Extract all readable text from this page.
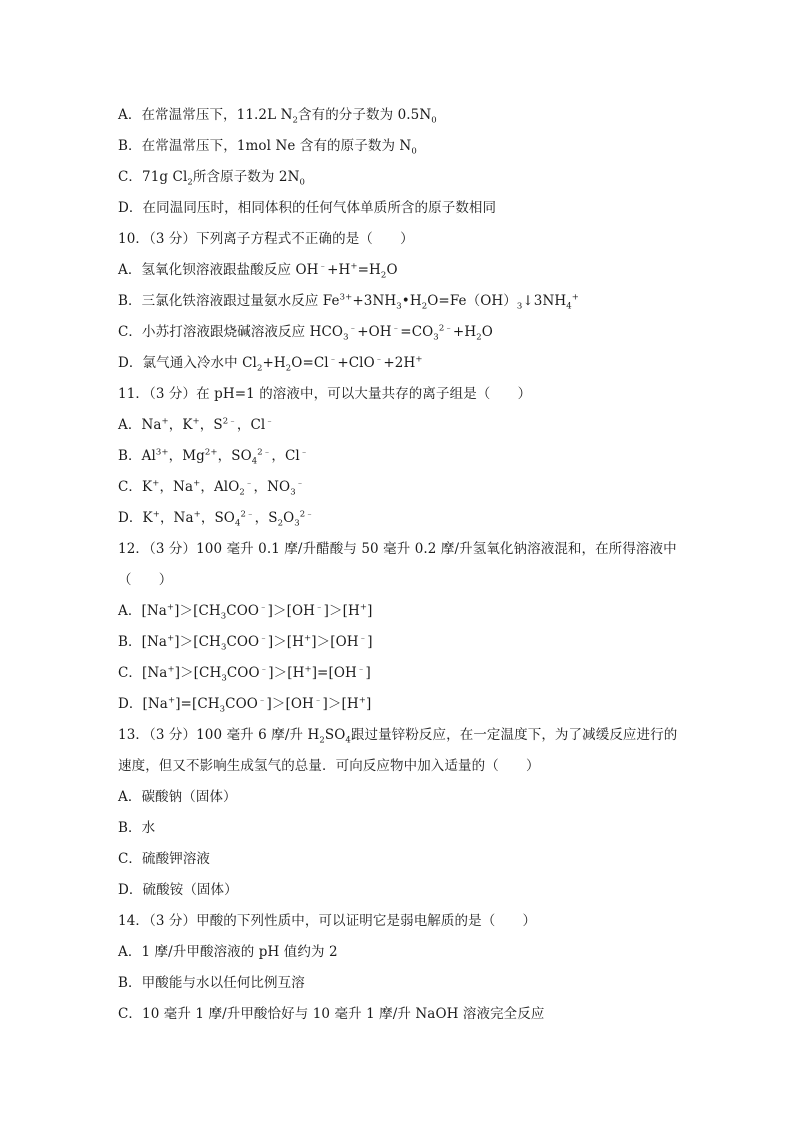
A．在常温常压下，11.2L $N_2$含有的分子数为 $0.5N_0$
B．在常温常压下，1mol Ne 含有的原子数为 $N_0$
C．71g $Cl_2$所含原子数为 $2N_0$
D．在同温同压时，相同体积的任何气体单质所含的原子数相同
10．（3 分）下列离子方程式不正确的是（　　）
A．氢氧化钡溶液跟盐酸反应 $OH^﹣+H^+=H_2O$
B．三氯化铁溶液跟过量氨水反应 $Fe^{3+}+3NH_3•H_2O=Fe(OH)_3↓3NH_4^+$
C．小苏打溶液跟烧碱溶液反应 $HCO_3^﹣+OH^﹣=CO_3^{2﹣}+H_2O$
D．氯气通入冷水中 $Cl_2+H_2O=Cl^﹣+ClO^﹣+2H^+$
11．（3 分）在 pH=1 的溶液中，可以大量共存的离子组是（　　）
A．Na+，K+，$S^{2﹣}$，Cl﹣
B．$Al^{3+}$，$Mg^{2+}$，$SO_4^{2﹣}$，Cl﹣
C．K+，Na+，AlO$_2$﹣，$NO_3^﹣$
D．K+，Na+，$SO_4^{2﹣}$，$S_2O_3^{2﹣}$
12．（3 分）100 毫升 0.1 摩/升醋酸与 50 毫升 0.2 摩/升氢氧化钠溶液混和，在所得溶液中
（　　）
A．$[Na^+]>[CH_3COO^﹣]>[OH^﹣]>[H^+]$
B．$[Na^+]>[CH_3COO^﹣]>[H^+]>[OH^﹣]$
C．$[Na^+]>[CH_3COO^﹣]>[H^+]=[OH^﹣]$
D．$[Na^+]=[CH_3COO^﹣]>[OH^﹣]>[H^+]$
13．（3 分）100 毫升 6 摩/升 $H_2SO_4$跟过量锌粉反应，在一定温度下，为了减缓反应进行的
速度，但又不影响生成氢气的总量．可向反应物中加入适量的（　　）
A．碳酸钠（固体）
B．水
C．硫酸钾溶液
D．硫酸铵（固体）
14．（3 分）甲酸的下列性质中，可以证明它是弱电解质的是（　　）
A．1 摩/升甲酸溶液的 pH 值约为 2
B．甲酸能与水以任何比例互溶
C．10 毫升 1 摩/升甲酸恰好与 10 毫升 1 摩/升 NaOH 溶液完全反应
